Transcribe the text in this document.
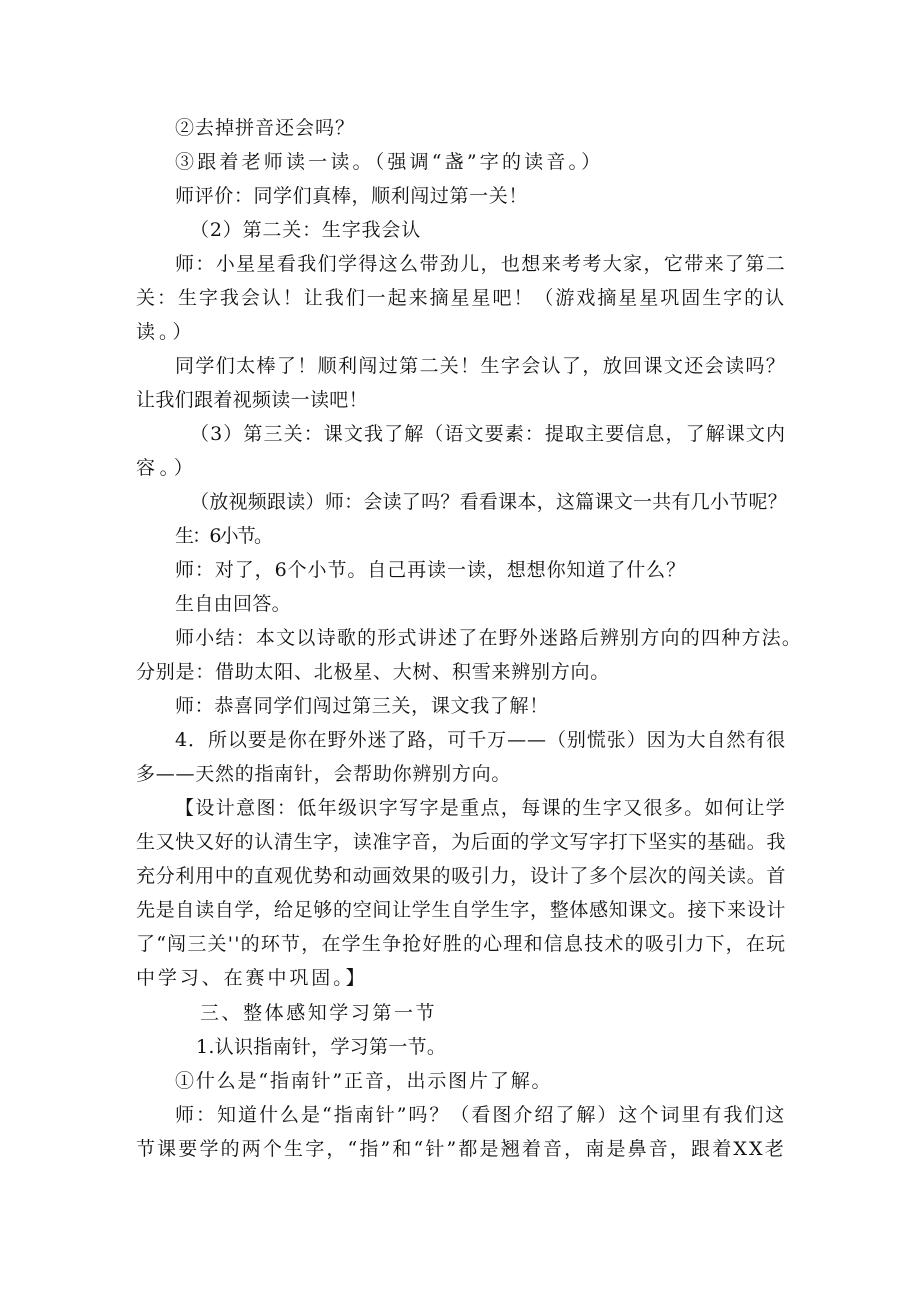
②去掉拼音还会吗？
③跟着老师读一读。（强调“盏”字的读音。）
师评价：同学们真棒，顺利闯过第一关！
（2）第二关：生字我会认
师：小星星看我们学得这么带劲儿，也想来考考大家，它带来了第二
关：生字我会认！让我们一起来摘星星吧！（游戏摘星星巩固生字的认
读。）
同学们太棒了！顺利闯过第二关！生字会认了，放回课文还会读吗？
让我们跟着视频读一读吧！
（3）第三关：课文我了解（语文要素：提取主要信息，了解课文内
容。）
（放视频跟读）师：会读了吗？看看课本，这篇课文一共有几小节呢？
生：6小节。
师：对了，6个小节。自己再读一读，想想你知道了什么？
生自由回答。
师小结：本文以诗歌的形式讲述了在野外迷路后辨别方向的四种方法。
分别是：借助太阳、北极星、大树、积雪来辨别方向。
师：恭喜同学们闯过第三关，课文我了解！
4．所以要是你在野外迷了路，可千万——（别慌张）因为大自然有很
多——天然的指南针，会帮助你辨别方向。
【设计意图：低年级识字写字是重点，每课的生字又很多。如何让学
生又快又好的认清生字，读准字音，为后面的学文写字打下坚实的基础。我
充分利用中的直观优势和动画效果的吸引力，设计了多个层次的闯关读。首
先是自读自学，给足够的空间让学生自学生字，整体感知课文。接下来设计
了“闯三关''的环节，在学生争抢好胜的心理和信息技术的吸引力下，在玩
中学习、在赛中巩固。】
三、整体感知学习第一节
1.认识指南针，学习第一节。
①什么是“指南针”正音，出示图片了解。
师：知道什么是“指南针”吗？（看图介绍了解）这个词里有我们这
节课要学的两个生字，“指”和“针”都是翘着音，南是鼻音，跟着XX老
